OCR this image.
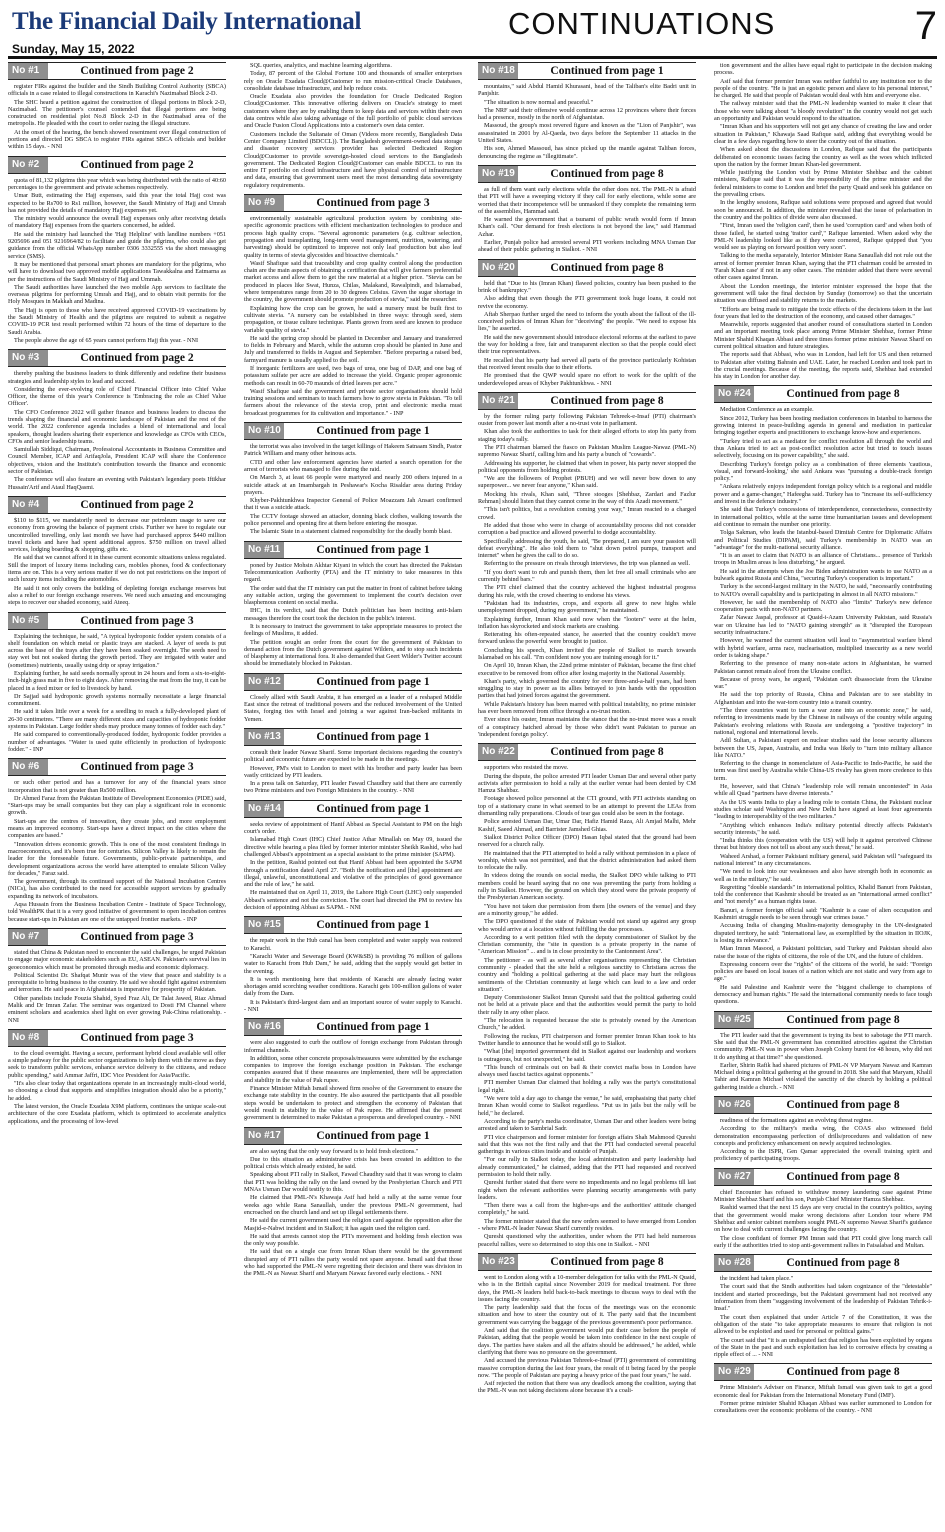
The Financial Daily International
Sunday, May 15, 2022
CONTINUATIONS	7
No #1	Continued from page 2

register FIRs against the builder and the Sindh Building Control Authority (SBCA) officials in a case related to illegal constructions in Karachi's Nazimabad Block 2-D.

The SHC heard a petition against the construction of illegal portions in Block 2-D, Nazimabad. The petitioner's counsel contended that illegal portions are being constructed on residential plot No.8 Block 2-D in the Nazimabad area of the metropolis. He pleaded with the court to order razing the illegal structure.

At the onset of the hearing, the bench showed resentment over illegal construction of portions and directed DG SBCA to register FIRs against SBCA officials and builder within 15 days. - NNI

No #2	Continued from page 2

quota of 81,132 pilgrims this year which was being distributed with the ratio of 40:60 percentages to the government and private schemes respectively.

Umar Butt, estimating the Hajj expenses, said this year the total Hajj cost was expected to be Rs700 to Rs1 million, however, the Saudi Ministry of Hajj and Umrah has not provided the details of mandatory Hajj expenses yet.

The ministry would announce the overall Hajj expenses only after receiving details of mandatory Hajj expenses from the quarters concerned, he added.

He said the ministry had launched the 'Hajj Helpline' with landline numbers +051 9205696 and 051 9216964/82 to facilitate and guide the pilgrims, who could also get guidance from the official WhatsApp number 0306 3332555 via the short messaging service (SMS).

It may be mentioned that personal smart phones are mandatory for the pilgrims, who will have to download two approved mobile applications Tawakkalna and Eatmarna as per the instructions of the Saudi Ministry of Hajj and Ummah.

The Saudi authorities have launched the two mobile App services to facilitate the overseas pilgrims for performing Umrah and Hajj, and to obtain visit permits for the Holy Mosques in Makkah and Madina.

The Hajj is open to those who have received approved COVID-19 vaccinations by the Saudi Ministry of Health and the pilgrims are required to submit a negative COVID-19 PCR test result performed within 72 hours of the time of departure to the Saudi Arabia.

The people above the age of 65 years cannot perform Hajj this year. - NNI

No #3	Continued from page 2

thereby pushing the business leaders to think differently and redefine their business strategies and leadership styles to lead and succeed.

Considering the ever-evolving role of Chief Financial Officer into Chief Value Officer, the theme of this year's Conference is 'Embracing the role as Chief Value Officer'.

The CFO Conference 2022 will gather finance and business leaders to discuss the trends shaping the financial and economic landscape of Pakistan and the rest of the world. The 2022 conference agenda includes a blend of international and local speakers, thought leaders sharing their experience and knowledge as CFOs with CEOs, CFOs and senior leadership teams.

Samiullah Siddiqui, Chairman, Professional Accountants in Business Committee and Council Member, ICAP and ArifaqJola, President ICAP will share the Conference objectives, vision and the Institute's contribution towards the finance and economic sector of Pakistan.

The conference will also feature an evening with Pakistan's legendary poets Iftikhar Hussain'Arif and Ataul HaqQasmi.

No #4	Continued from page 2

$110 to $115, we mandatorily need to decrease our petroleum usage to save our economy from growing the balance of payment crisis. Further we have to regulate our uncontrolled travelling, only last month we have had purchased approx $440 million travel tickets and have had spent additional approx. $750 million on travel allied services, lodging boarding & shopping, gifts etc.

He said that we cannot afford it in these current economic situations unless regulated. Still the import of luxury items including cars, mobiles phones, food & confectionary items are on. This is a very serious matter if we do not put restrictions on the import of such luxury items including the automobiles.

He said it not only covers the building of depleting foreign exchange reserves but also a relief to our foreign exchange reserves. We need such amazing and encouraging steps to recover our shaded economy, said Ateeq.

No #5	Continued from page 3

Explaining the technique, he said, "A typical hydroponic fodder system consists of a shelf foundation on which metal or plastic trays are stacked. A layer of seeds is put across the base of the trays after they have been soaked overnight. The seeds need to stay wet but not soaked during the growth period. They are irrigated with water and (sometimes) nutrients, usually using drip or spray irrigation."

Explaining further, he said seeds normally sprout in 24 hours and form a six-to-eight-inch-high grass mat in five to eight days. After removing the mat from the tray, it can be placed in a feed mixer or fed to livestock by hand.

Dr Sajjad said hydroponic growth systems normally necessitate a large financial commitment.

He said it takes little over a week for a seedling to reach a fully-developed plant of 26-30 centimetres. "There are many different sizes and capacities of hydroponic fodder systems in Pakistan. Large fodder sheds may produce many tonnes of fodder each day."

He said compared to conventionally-produced fodder, hydroponic fodder provides a number of advantages. "Water is used quite efficiently in production of hydroponic fodder." - INP

No #6	Continued from page 3

or such other period and has a turnover for any of the financial years since incorporation that is not greater than Rs500 million.

Dr Ahmed Faraz from the Pakistan Institute of Development Economics (PIDE) said, "Start-ups may be small companies but they can play a significant role in economic growth.

Start-ups are the centres of innovation, they create jobs, and more employment means an improved economy. Start-ups have a direct impact on the cities where the companies are based."

"Innovation drives economic growth. This is one of the most consistent findings in macroeconomics, and it's been true for centuries. Silicon Valley is likely to remain the leader for the foreseeable future. Governments, public-private partnerships, and development organizations across the world have attempted to emulate Silicon Valley for decades," Faraz said.

The government, through its continued support of the National Incubation Centres (NICs), has also contributed to the need for accessible support services by gradually expanding its network of incubators.

Aqsa Hussain from the Business Incubation Centre - Institute of Space Technology, told WealthPK that it is a very good initiative of government to open incubation centres because start-ups in Pakistan are one of the untapped frontier markets. - INP

No #7	Continued from page 3

stated that China & Pakistan need to encounter the said challenges, he urged Pakistan to engage major economic stakeholders such as EU, ASEAN. Pakistan's survival lies in geoeconomics which must be promoted through media and economic diplomacy.

Political Scientist Dr. Shafqat Munir was of the view that peace and stability is a prerequisite to bring business to the country. He said we should fight against extremism and terrorism. He said peace in Afghanistan is imperative for prosperity of Pakistan.

Other panelists include Fouzia Shahid, Syed Fraz Ali, Dr Talat Jawed, Riaz Ahmad Malik and Dr Imran Zafar. The seminar was organized to Dosti FM Channel where eminent scholars and academics shed light on ever growing Pak-China relationship. - NNI

No #8	Continued from page 3

to the cloud overnight. Having a secure, performant hybrid cloud available will offer a simple pathway for the public sector organizations to help them with the move as they seek to transform public services, enhance service delivery to the citizens, and reduce public spending," said Ammar Jaffri, IDC Vice President for Asia/Pacific.

"It's also clear today that organizations operate in an increasingly multi-cloud world, so choosing a cloud that supports and simplifies integration should also be a priority," he added.

The latest version, the Oracle Exadata X9M platform, continues the unique scale-out architecture of the core Exadata platform, which is optimized to accelerate analytics applications, and the processing of low-level

SQL queries, analytics, and machine learning algorithms.

Today, 87 percent of the Global Fortune 100 and thousands of smaller enterprises rely on Oracle Exadata Cloud@Customer to run mission-critical Oracle Databases, consolidate database infrastructure, and help reduce costs.

Oracle Exadata also provides the foundation for Oracle Dedicated Region Cloud@Customer. This innovative offering delivers on Oracle's strategy to meet customers where they are by enabling them to keep data and services within their own data centres while also taking advantage of the full portfolio of public cloud services and Oracle Fusion Cloud Applications into a customer's own data center.

Customers include the Sultanate of Oman (Videos more recently, Bangladesh Data Center Company Limited (BDCCL)). The Bangladesh government-owned data storage and disaster recovery services provider has selected Dedicated Region Cloud@Customer to provide sovereign-hosted cloud services to the Bangladesh government. The Dedicated Region Cloud@Customer can enable BDCCL to run its entire IT portfolio on cloud infrastructure and have physical control of infrastructure and data, ensuring that government users meet the most demanding data sovereignty regulatory requirements.

No #9	Continued from page 3

environmentally sustainable agricultural production system by combining site-specific agronomic practices with efficient mechanization technologies to produce and process high quality crops. "Several agronomic parameters (e.g. cultivar selection, propagation and transplanting, long-term weed management, nutrition, watering, and harvesting) should be optimized to improve not only leaf production but also leaf quality in terms of stevia glycosides and bioactive chemicals."

Wasif Shafique said that traceability and crop quality control along the production chain are the main aspects of obtaining a certification that will give farmers preferential market access and allow them to get the raw material at a higher price. "Stevia can be produced in places like Swat, Hunza, Chilas, Malakand, Rawalpindi, and Islamabad, where temperatures range from 20 to 30 degrees Celsius. Given the sugar shortage in the country, the government should promote production of stevia," said the researcher.

Explaining how the crop can be grown, he said a nursery must be built first to cultivate stevia. "A nursery can be established in three ways: through seed, stem propagation, or tissue culture technique. Plants grown from seed are known to produce variable quality of stevia."

He said the spring crop should be planted in December and January and transferred to fields in February and March, while the autumn crop should be planted in June and July and transferred to fields in August and September. "Before preparing a raised bed, farmyard manure is usually applied to the soil.

If inorganic fertilizers are used, two bags of urea, one bag of DAP, and one bag of potassium sulfate per acre are added to increase the yield. Organic proper agronomic methods can result in 60-70 maunds of dried leaves per acre."

Wasif Shafique said the government and private sector organisations should hold training sessions and seminars to teach farmers how to grow stevia in Pakistan. "To tell farmers about the relevance of the stevia crop, print and electronic media must broadcast programmes for its cultivation and importance." - INP

No #10	Continued from page 1

the terrorist was also involved in the target killings of Hakeem Satnaam Sindh, Pastor Patrick William and many other heinous acts.

CTD and other law enforcement agencies have started a search operation for the arrest of terrorists who managed to flee during the raid.

On March 3, at least 66 people were martyred and nearly 200 others injured in a suicide attack at an Imambargah in Peshawar's Kocha Risaldar area during Friday prayers.

Khyber-Pakhtunkhwa Inspector General of Police Moazzam Jah Ansari confirmed that it was a suicide attack.

The CCTV footage showed an attacker, donning black clothes, walking towards the police personnel and opening fire at them before entering the mosque.

The Islamic State in a statement claimed responsibility for the deadly bomb blast.

No #11	Continued from page 1

poned by Justice Mohsin Akhtar Kiyani in which the court has directed the Pakistan Telecommunication Authority (PTA) and the IT ministry to take measures in this regard.

The order said that the IT ministry can put the matter in front of cabinet before taking any suitable action, urging the government to implement the court's decision over blasphemous content on social media.

IHC, in its verdict, said that the Dutch politician has been inciting anti-Islam messages therefore the court took the decision in the public's interest.

It is necessary to instruct the government to take appropriate measures to protect the feelings of Muslims, it added.

The petition sought an order from the court for the government of Pakistan to demand action from the Dutch government against Wilders, and to stop such incidents of blasphemy at international fora. It also demanded that Geert Wilder's Twitter account should be immediately blocked in Pakistan.

No #12	Continued from page 1

Closely allied with Saudi Arabia, it has emerged as a leader of a reshaped Middle East since the retreat of traditional powers and the reduced involvement of the United States, forging ties with Israel and joining a war against Iran-backed militants in Yemen.

No #13	Continued from page 1

consult their leader Nawaz Sharif. Some important decisions regarding the country's political and economic future are expected to be made in the meetings.

However, PM's visit to London to meet with his brother and party leader has been vastly criticized by PTI leaders.

In a press talk on Saturday, PTI leader Fawad Chaudhry said that there are currently two Prime ministers and two Foreign Ministers in the country. - NNI

No #14	Continued from page 1

seeks review of appointment of Hanif Abbasi as Special Assistant to PM on the high court's order.

Islamabad High Court (IHC) Chief Justice Athar Minallah on May 09, issued the directive while hearing a plea filed by former interior minister Sheikh Rashid, who had challenged Abbasi's appointment as a special assistant to the prime minister (SAPM).

In the petition, Rashid pointed out that Hanif Abbasi had been appointed the SAPM through a notification dated April 27. "Both the notification and [the] appointment are illegal, unlawful, unconstitutional and violative of the principles of good governance and the rule of law," he said.

He maintained that on April 11, 2019, the Lahore High Court (LHC) only suspended Abbasi's sentence and not the conviction. The court had directed the PM to review his decision of appointing Abbasi as SAPM. - NNI

No #15	Continued from page 1

the repair work in the Hub canal has been completed and water supply was restored to Karachi.

"Karachi Water and Sewerage Board (KW&SB) is providing 76 million of gallons water to Karachi from Hub Dam," he said, adding that the supply would get better in the evening.

It is worth mentioning here that residents of Karachi are already facing water shortages amid scorching weather conditions. Karachi gets 100-million gallons of water daily from the Dam.

It is Pakistan's third-largest dam and an important source of water supply to Karachi. - NNI

No #16	Continued from page 1

were also suggested to curb the outflow of foreign exchange from Pakistan through informal channels.

In addition, some other concrete proposals/measures were submitted by the exchange companies to improve the foreign exchange position in Pakistan. The exchange companies assured that if these measures are implemented, there will be appreciation and stability in the value of Pak rupee.

Finance Minister Miftah Ismail showed firm resolve of the Government to ensure the exchange rate stability in the country. He also assured the participants that all possible steps would be undertaken to protect and strengthen the economy of Pakistan that would result in stability in the value of Pak rupee. He affirmed that the present government is determined to make Pakistan a prosperous and developed country. - NNI

No #17	Continued from page 1

are also saying that the only way forward is to hold fresh elections."

Due to this situation an administrative crisis has been created in addition to the political crisis which already existed, he said.

Speaking about PTI rally in Sialkot, Fawad Chaudhry said that it was wrong to claim that PTI was holding the rally on the land owned by the Presbyterian Church and PTI MNAs Usman Dar would testify to this.

He claimed that PML-N's Khawaja Asif had held a rally at the same venue four weeks ago while Rana Sanaullah, under the previous PML-N government, had encroached on the church land and set up illegal settlements there.

He said the current government used the religion card against the opposition after the Masjid-e-Nabwi incident and in Sialkot; it has again used the religion card.

He said that arrests cannot stop the PTI's movement and holding fresh election was the only way possible.

He said that on a single cue from Imran Khan there would be the government disrupted any of PTI rallies the party would not spare anyone. Ismail said that those who had supported the PML-N were regretting their decision and there was division in the PML-N as Nawaz Sharif and Maryam Nawaz favored early elections. - NNI

No #18	Continued from page 1

mountains," said Abdul Hamid Khurasani, head of the Taliban's elite Badri unit in Panjshir.

"The situation is now normal and peaceful."

The NRF said their offensive would continue across 12 provinces where their forces had a presence, mostly in the north of Afghanistan.

Massoud, the group's most revered figure and known as the "Lion of Panjshir", was assassinated in 2001 by Al-Qaeda, two days before the September 11 attacks in the United States.

His son, Ahmed Massoud, has since picked up the mantle against Taliban forces, denouncing the regime as "illegitimate".

No #19	Continued from page 8

as full of them want early elections while the other does not. The PML-N is afraid that PTI will have a sweeping victory if they call for early elections, while some are worried that their incompetence will be unmasked if they complete the remaining term of the assemblies, Hammad said.

He warned the government that a tsunami of public wrath would form if Imran Khan's call. "Our demand for fresh elections is not beyond the law," said Hammad Azhar.

Earlier, Punjab police had arrested several PTI workers including MNA Usman Dar ahead of their public gathering in Sialkot. - NNI

No #20	Continued from page 8

held that "Due to his (Imran Khan) flawed policies, country has been pushed to the brink of bankruptcy."

Also adding that even though the PTI government took huge loans, it could not revive the economy.

Aftab Sherpao further urged the need to inform the youth about the fallout of the ill-conceived policies of Imran Khan for "deceiving" the people. "We need to expose his lies," he asserted.

He said the new government should introduce electoral reforms at the earliest to pave the way for holding a free, fair and transparent election so that the people could elect their true representatives.

He recalled that his party had served all parts of the province particularly Kohistan that received ferent results due to their efforts.

He promised that the QWP would spare no effort to work for the uplift of the underdeveloped areas of Khyber Pakhtunkhwa. - NNI

No #21	Continued from page 8

by the former ruling party following Pakistan Tehreek-e-Insaf (PTI) chairman's ouster from power last month after a no-trust vote in parliament.

Khan also took the authorities to task for their alleged efforts to stop his party from staging today's rally.

The PTI chairman blamed the fiasco on Pakistan Muslim League-Nawaz (PML-N) supremo Nawaz Sharif, calling him and his party a bunch of "cowards".

Addressing his supporter, he claimed that when in power, his party never stopped the political opponents from holding protests.

"We are the followers of Prophet (PBUH) and we will never bow down to any superpower... we never fear anyone," Khan said.

Mocking his rivals, Khan said, "Three stooges [Shehbaz, Zardari and Fazlur Rehman] should listen that they cannot come in the way of this Azadi movement."

"This isn't politics, but a revolution coming your way," Imran reacted to a charged crowd.

He added that those who were in charge of accountability process did not consider corruption a bad practice and allowed powerful to dodge accountability.

Specifically addressing the youth, he said, "Be prepared, I am sure your passion will defeat everything". He also told them to "shut down petrol pumps, transport and internet" when he gives the call to do so.

Referring to the pressure on rivals through interviews, the trip was planned as well.

"If you don't want to rub and punish them, then let free all small criminals who are currently behind bars."

The PTI chief claimed that the country achieved the highest industrial progress during his rule, with the crowd cheering to endorse his views.

"Pakistan had its industries, crops, and exports all grew to new highs while unemployment dropped, during my government," he maintained.

Explaining further, Imran Khan said now when the "looters" were at the helm, inflation has skyrocketed and stock markets are crashing.

Reiterating his often-repeated stance, he asserted that the country couldn't move forward unless the powerful were brought to justice.

Concluding his speech, Khan invited the people of Sialkot to march towards Islamabad on his call. "I'm confident now you are training enough for it."

On April 10, Imran Khan, the 22nd prime minister of Pakistan, became the first chief executive to be removed from office after losing majority in the National Assembly.

Khan's party, which governed the country for over three-and-a-half years, had been struggling to stay in power as its allies betrayed to join hands with the opposition parties that had joined forces against the government.

While Pakistan's history has been marred with political instability, no prime minister has ever been removed from office through a no-trust motion.

Ever since his ouster, Imran maintains the stance that the no-trust move was a result of a conspiracy hatched abroad by those who didn't want Pakistan to pursue an 'independent foreign policy'.

No #22	Continued from page 8

supporters who resisted the move.

During the dispute, the police arrested PTI leader Usman Dar and several other party activists after permission to hold a rally at the earlier venue had been denied by CM Hamza Shahbaz.

Footage showed police personnel at the CTI ground, with PTI activists standing on top of a stationary crane in what seemed to be an attempt to prevent the LEAs from dismantling rally preparations. Clouds of tear gas could also be seen in the footage.

Police arrested Usman Dar, Umar Dar, Hafiz Hamid Raza, Ali Amjad Malhi, Mehr Kashif, Saeed Ahmad, and Barrister Jamshed Ghias.

Sialkot District Police Officer (DPO) Hasan Iqbal stated that the ground had been reserved for a church rally.

He maintained that the PTI attempted to hold a rally without permission in a place of worship, which was not permitted, and that the district administration had asked them to relocate the rally.

In videos doing the rounds on social media, the Sialkot DPO while talking to PTI members could be heard saying that no one was preventing the party from holding a rally in Sialkot. However, the ground on which they stood were the private property of the Presbyterian American society.

"You have not taken due permission from them [the owners of the venue] and they are a minority group," he added.

The DPO questioned if the state of Pakistan would not stand up against any group who would arrive at a location without fulfilling the due processes.

According to a writ petition filed with the deputy commissioner of Sialkot by the Christian community, the "site in question is a private property in the name of "American Mission" ... and is in close proximity to the Cantonment Area".

The petitioner - as well as several other organisations representing the Christian community - pleaded that the site held a religious sanctity to Christians across the country and "holding a political gathering at the said place may hurt the religious sentiments of the Christian community at large which can lead to a law and order situation".

Deputy Commissioner Sialkot Imran Qureshi said that the political gathering could not be held at a private place and that the authorities would permit the party to hold their rally in any other place.

"The relocation is requested because the site is privately owned by the American Church," he added.

Following the ruckus, PTI chairperson and former premier Imran Khan took to his Twitter handle to announce that he would still go to Sialkot.

"What [the] imported government did in Sialkot against our leadership and workers is outrageous, but not unexpected," he said.

"This bunch of criminals out on bail & their convict mafia boss in London have always used fascist tactics against opponents."

PTI member Usman Dar claimed that holding a rally was the party's constitutional legal right.

"We were told a day ago to change the venue," he said, emphasising that party chief Imran Khan would come to Sialkot regardless. "Put us in jails but the rally will be held," he declared.

According to the party's media coordinator, Usman Dar and other leaders were being arrested and taken to Sambrial Sadr.

PTI vice chairperson and former minister for foreign affairs Shah Mahmood Qureshi said that this was not the first rally and that the PTI had conducted several peaceful gatherings in various cities inside and outside of Punjab.

"For our rally in Sialkot today, the local administration and party leadership had already communicated," he claimed, adding that the PTI had requested and received permission to hold their rally.

Qureshi further stated that there were no impediments and no legal problems till last night when the relevant authorities were planning security arrangements with party leaders.

"Then there was a call from the higher-ups and the authorities' attitude changed completely," he said.

The former minister stated that the new orders seemed to have emerged from London - where PML-N leader Nawaz Sharif currently resides.

Qureshi questioned why the authorities, under whom the PTI had held numerous peaceful rallies, were so determined to stop this one in Sialkot. - NNI

No #23	Continued from page 8

went to London along with a 10-member delegation for talks with the PML-N Quaid, who is in the British capital since November 2019 for medical treatment. For three days, the PML-N leaders held back-to-back meetings to discuss ways to deal with the issues facing the country.

The party leadership said that the focus of the meetings was on the economic situation and how to steer the country out of it. The party said that the incumbent government was carrying the baggage of the previous government's poor performance.

And said that the coalition government would put their case before the people of Pakistan, adding that the people would be taken into confidence in the next couple of days. The parties have stakes and all the affairs should be addressed," he added, while clarifying that there was no pressure on the government.

And accused the previous Pakistan Tehreek-e-Insaf (PTI) government of committing massive corruption during the last four years, the result of it being faced by the people now. "The people of Pakistan are paying a heavy price of the past four years," he said.

Asif rejected the notion that there was any deadlock among the coalition, saying that the PML-N was not taking decisions alone because it's a coali-

tion government and the allies have equal right to participate in the decision making process.

Asif said that former premier Imran was neither faithful to any institution nor to the people of the country. "He is just an egoistic person and slave to his personal interest," he charged. He said that people of Pakistan would deal with him and everyone else.

The railway minister said that the PML-N leadership wanted to make it clear that those who were talking about "a bloody revolution" in the country would not get such an opportunity and Pakistan would respond to the situation.

"Imran Khan and his supporters will not get any chance of creating the law and order situation in Pakistan," Khawaja Saad Rafique said, adding that everything would be clear in a few days regarding how to steer the country out of the situation.

When asked about the discussions in London, Rafique said that the participants deliberated on economic issues facing the country as well as the woes which inflicted upon the nation by the former Imran Khan-led government.

While justifying the London visit by Prime Minister Shehbaz and the cabinet ministers, Rafique said that it was the responsibility of the prime minister and the federal ministers to come to London and brief the party Quaid and seek his guidance on the prevailing crises.

In the lengthy sessions, Rafique said solutions were proposed and agreed that would soon be announced. In addition, the minister revealed that the issue of polarisation in the country and the politics of divide were also discussed.

"First, Imran used the 'religion card', then he used 'corruption card' and when both of those failed, he started using 'traitor card'," Rafique lamented. When asked why the PML-N leadership looked like as if they were cornered, Rafique quipped that "you would see us playing on forward position very soon".

Talking to the media separately, Interior Minister Rana Sanaullah did not rule out the arrest of former premier Imran Khan, saying that the PTI chairman could be arrested in 'Farah Khan case' if not in any other cases. The minister added that there were several other cases against Imran.

About the London meetings, the interior minister expressed the hope that the government will take the final decision by Sunday (tomorrow) so that the uncertain situation was diffused and stability returns to the markets.

"Efforts are being made to mitigate the toxic effects of the decisions taken in the last four years that led to the destruction of the economy, and caused other damages."

Meanwhile, reports suggested that another round of consultations started in London and an important meeting took place among Prime Minister Shehbaz, former Prime Minister Shahid Khaqan Abbasi and three times former prime minister Nawaz Sharif on current political situation and future strategies.

The reports said that Abbasi, who was in London, had left for US and then returned to Pakistan after visiting Bahrain and UAE. Later, he reached London and took part in the crucial meetings. Because of the meeting, the reports said, Shehbaz had extended his stay in London for another day.

No #24	Continued from page 8

Mediation Conference as an example.

Since 2012, Turkey has been hosting mediation conferences in Istanbul to harness the growing interest in peace-building agenda in general and mediation in particular bringing together experts and practitioners to exchange know-how and experiences.

"Turkey tried to act as a mediator for conflict resolution all through the world and thus Ankara tried to act as post-conflict resolution actor but tried to touch issues selectively, focusing on its power capability," she said.

Describing Turkey's foreign policy as a combination of three elements 'cautious, visual, and forward-looking,' she said Ankara was "pursuing a double-track foreign policy."

"Ankara relatively enjoys independent foreign policy which is a regional and middle power and a game-changer," Hafeegha said. Turkey has to "increase its self-sufficiency and invest in the defence industry."

She said that Turkey's concessions of interdependence, connectedness, connectivity in international politics, while at the same time humanitarian issues and development aid continue to remain the number one priority.

Tolga Sakman, who leads the Istanbul-based Dimitab Centre for Diplomatic Affairs and Political Studies (DIPAM), said Turkey's membership in NATO was an "advantage" for the multi-national security alliance.

"It is an asset to claim that NATO is an alliance of Christians... presence of Turkish troops in Muslim areas is less disturbing," he argued.

He said in the attempts when the Joe Biden administration wants to use NATO as a bulwark against Russia and China, "securing Turkey's cooperation is important."

Turkey is the second-largest military in the NATO, he said, "necessarily contributing to NATO's overall capability and is participating in almost in all NATO missions."

However, he said the membership of NATO also "limits" Turkey's new defence cooperation pacts with non-NATO partners.

Zafar Nawaz Jaspal, professor at Quaid-i-Azam University Pakistan, said Russia's war on Ukraine has led to "NATO gaining strength" as it "disrupted the European security infrastructure."

However, he warned the current situation will lead to "asymmetrical warfare blend with hybrid warfare, arms race, nuclearisation, multiplied insecurity as a new world order is taking shape."

Referring to the presence of many non-state actors in Afghanistan, he warned Pakistan cannot remain aloof from the Ukraine conflict.

Because of proxy wars, he argued, "Pakistan can't disassociate from the Ukraine war."

He said the top priority of Russia, China and Pakistan are to see stability in Afghanistan and into the war-torn country into a transit country.

"The three countries want to turn a war zone into an economic zone," he said, referring to investments made by the Chinese in railways of the country while arguing Pakistan's evolving relations with Russia are undergoing a "positive trajectory" in national, regional and international levels.

Adil Sultan, a Pakistani expert on nuclear studies said the loose security alliances between the US, Japan, Australia, and India was likely to "turn into military alliance like NATO."

Referring to the change in nomenclature of Asia-Pacific to Indo-Pacific, he said the term was first used by Australia while China-US rivalry has given more credence to this term.

He, however, said that China's "leadership role will remain uncontested" in Asia while all Quad "partners have diverse interests."

As the US wants India to play a leading role to contain China, the Pakistani nuclear studies scholar said Washington and New Delhi have signed at least four agreements "leading to interoperability of the two militaries."

"Anything which enhances India's military potential directly affects Pakistan's security interests," he said.

"India thinks this (cooperation with the US) will help it against perceived Chinese threat but history does not tell us about any such threat," he said.

Waheed Arshad, a former Pakistani military general, said Pakistan will "safeguard its national interest" in any circumstances.

"We need to look into our weaknesses and also have strength both in economic as well as in the military," he said.

Regretting "double standards" in international politics, Khalid Banuri from Pakistan, told the conference that Kashmir should be treated as an "international armed conflict" and "not merely" as a human rights issue.

Banuri, a former foreign official said: "Kashmir is a case of alien occupation and Kashmiri struggle needs to be seen through war crimes issue."

Accusing India of changing Muslim-majority demography in the UN-designated disputed territory, he said: "international law, as exemplified by the situation in IIOJK, is losing its relevance."

Mian Imran Masood, a Pakistani politician, said Turkey and Pakistan should also raise the issue of the rights of citizens, the role of the UN, and the future of children.

Expressing concern over the "rights" of the citizens of the world, he said: "Foreign policies are based on local issues of a nation which are not static and vary from age to age."

He said Palestine and Kashmir were the "biggest challenge to champions of democracy and human rights." He said the international community needs to face tough questions.

No #25	Continued from page 8

The PTI leader said that the government is trying its best to sabotage the PTI march. She said that the PML-N government has committed atrocities against the Christian community. PML-N was in power when Joseph Colony burnt for 48 hours, why did not it do anything at that time?" she questioned.

Earlier, Shirin Rafik had shared pictures of PML-N VP Maryam Nawaz and Kamran Michael doing a political gathering at the ground in 2018. She said that Maryam, Khalil Tahir and Kamran Michael violated the sanctity of the church by holding a political gathering inside a church. - NNI

No #26	Continued from page 8

readiness of the formations against an evolving threat regime.

According to the military's media wing, the COAS also witnessed field demonstration encompassing perfection of drills/procedures and validation of new concepts and proficiency enhancement on newly acquired technologies.

According to the ISPR, Gen Qamar appreciated the overall training spirit and proficiency of participating troops.

No #27	Continued from page 8

chief Encounter has refused to withdraw money laundering case against Prime Minister Shehbaz Sharif and his son, Punjab Chief Minister Hamza Shehbaz.

Rashid warned that the next 15 days are very crucial in the country's politics, saying that the government would make wrong decisions after London tour where PM Shehbaz and senior cabinet members sought PML-N supremo Nawaz Sharif's guidance on how to deal with current challenges facing the country.

The close confidant of former PM Imran said that PTI could give long march call early if the authorities tried to stop anti-government rallies in Faisalabad and Multan.

No #28	Continued from page 8

the incident had taken place."

The court said that the Sindh authorities had taken cognizance of the "detestable" incident and started proceedings, but the Pakistani government had not received any information from them "suggesting involvement of the leadership of Pakistan Tehrik-i-Insaf."

The court then explained that under Article 7 of the Constitution, it was the obligation of the state "to take appropriate measures to ensure that religion is not allowed to be exploited and used for personal or political gains."

The court said that "it is an undisputed fact that religion has been exploited by organs of the State in the past and such exploitation has led to corrosive effects by creating a ripple effect of ... - NNI

No #29	Continued from page 8

Prime Minister's Adviser on Finance, Miftah Ismail was given task to get a good economic deal for Pakistan from the International Monetary Fund (IMF).

Former prime minister Shahid Khaqan Abbasi was earlier summoned to London for consultations over the economic problems of the country. - NNI
